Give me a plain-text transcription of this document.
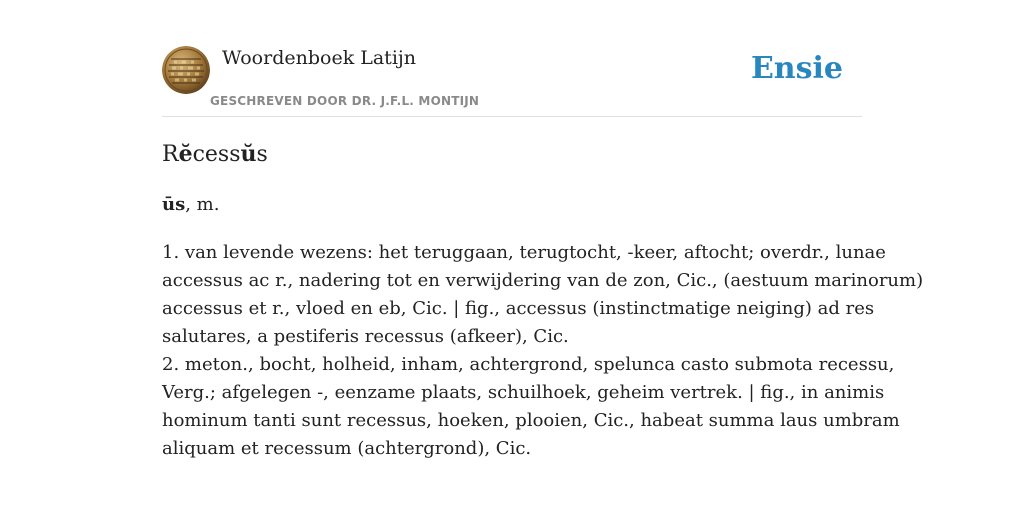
Woordenboek Latijn
GESCHREVEN DOOR DR. J.F.L. MONTIJN
Ensie
Rĕcessŭs
ūs, m.
1. van levende wezens: het teruggaan, terugtocht, -keer, aftocht; overdr., lunae
accessus ac r., nadering tot en verwijdering van de zon, Cic., (aestuum marinorum)
accessus et r., vloed en eb, Cic. | fig., accessus (instinctmatige neiging) ad res
salutares, a pestiferis recessus (afkeer), Cic.
2. meton., bocht, holheid, inham, achtergrond, spelunca casto submota recessu,
Verg.; afgelegen -, eenzame plaats, schuilhoek, geheim vertrek. | fig., in animis
hominum tanti sunt recessus, hoeken, plooien, Cic., habeat summa laus umbram
aliquam et recessum (achtergrond), Cic.
